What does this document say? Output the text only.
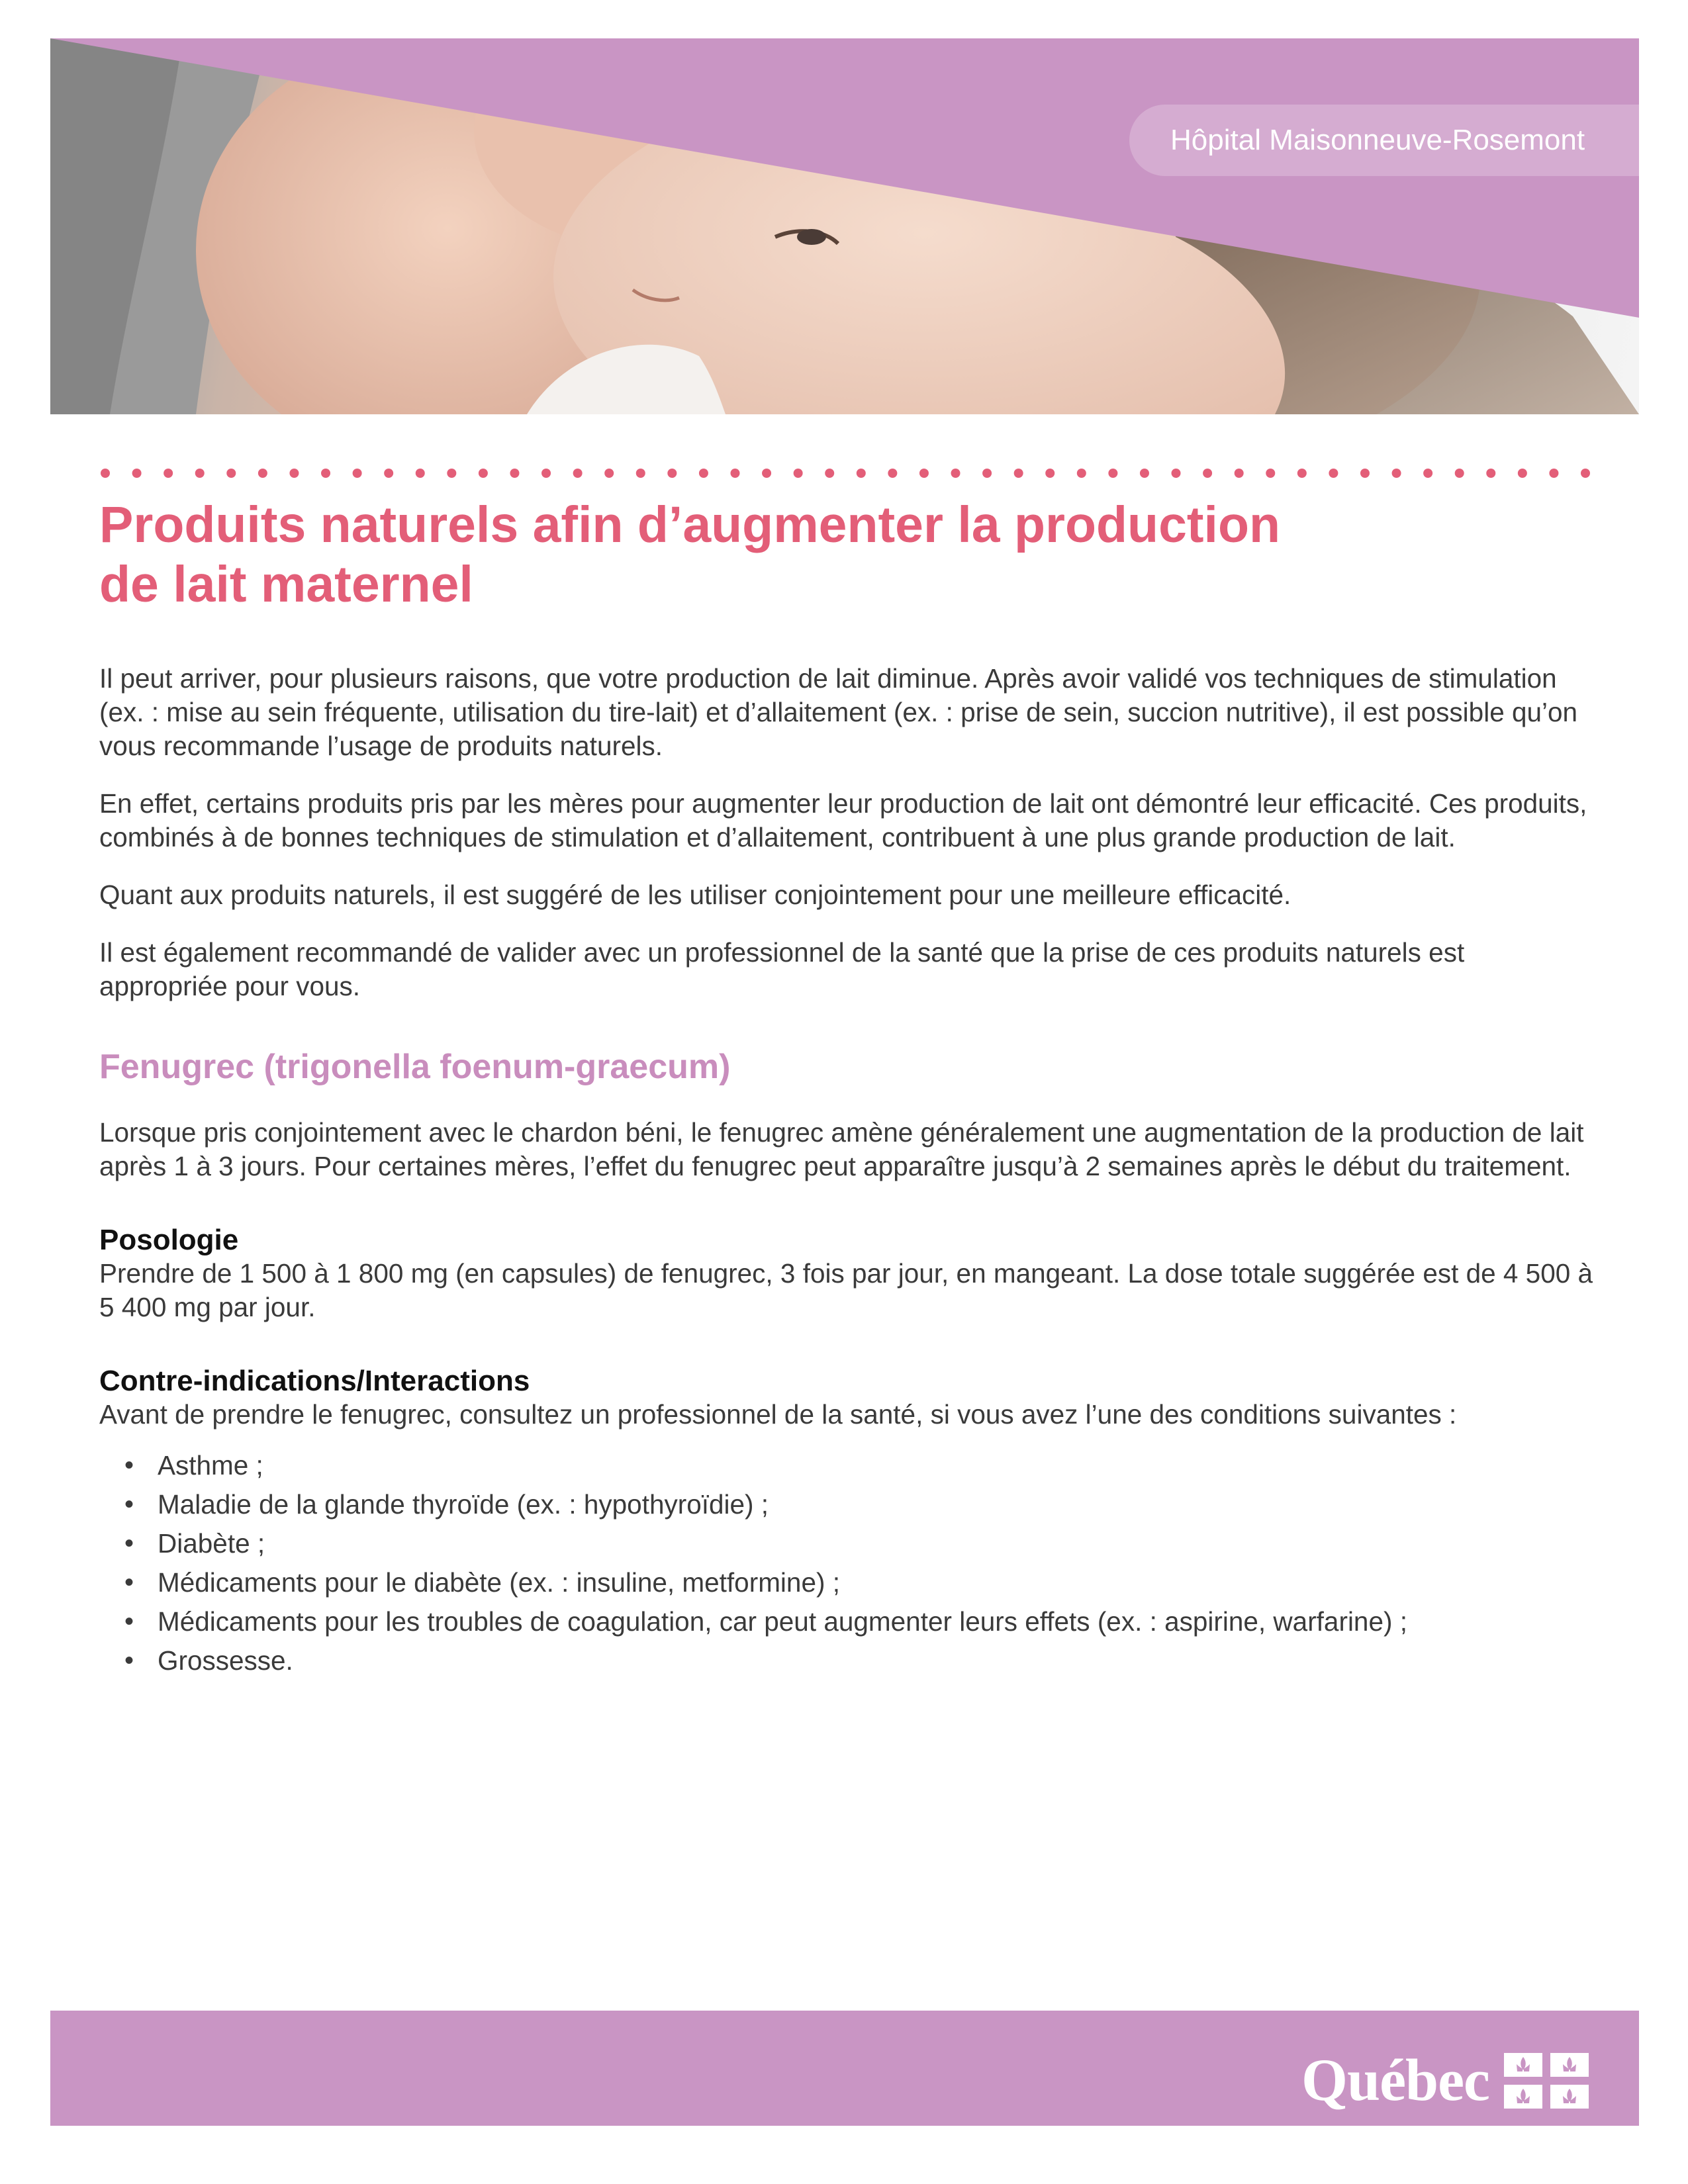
Hôpital Maisonneuve-Rosemont
Produits naturels afin d’augmenter la production
de lait maternel

Il peut arriver, pour plusieurs raisons, que votre production de lait diminue. Après avoir validé vos techniques de stimulation (ex. : mise au sein fréquente, utilisation du tire-lait) et d’allaitement (ex. : prise de sein, succion nutritive), il est possible qu’on vous recommande l’usage de produits naturels.

En effet, certains produits pris par les mères pour augmenter leur production de lait ont démontré leur efficacité. Ces produits, combinés à de bonnes techniques de stimulation et d’allaitement, contribuent à une plus grande production de lait.

Quant aux produits naturels, il est suggéré de les utiliser conjointement pour une meilleure efficacité.

Il est également recommandé de valider avec un professionnel de la santé que la prise de ces produits naturels est appropriée pour vous.

Fenugrec (trigonella foenum-graecum)

Lorsque pris conjointement avec le chardon béni, le fenugrec amène généralement une augmentation de la production de lait après 1 à 3 jours. Pour certaines mères, l’effet du fenugrec peut apparaître jusqu’à 2 semaines après le début du traitement.

Posologie

Prendre de 1 500 à 1 800 mg (en capsules) de fenugrec, 3 fois par jour, en mangeant. La dose totale suggérée est de 4 500 à 5 400 mg par jour.

Contre-indications/Interactions

Avant de prendre le fenugrec, consultez un professionnel de la santé, si vous avez l’une des conditions suivantes :

• Asthme ;
• Maladie de la glande thyroïde (ex. : hypothyroïdie) ;
• Diabète ;
• Médicaments pour le diabète (ex. : insuline, metformine) ;
• Médicaments pour les troubles de coagulation, car peut augmenter leurs effets (ex. : aspirine, warfarine) ;
• Grossesse.
Québec
